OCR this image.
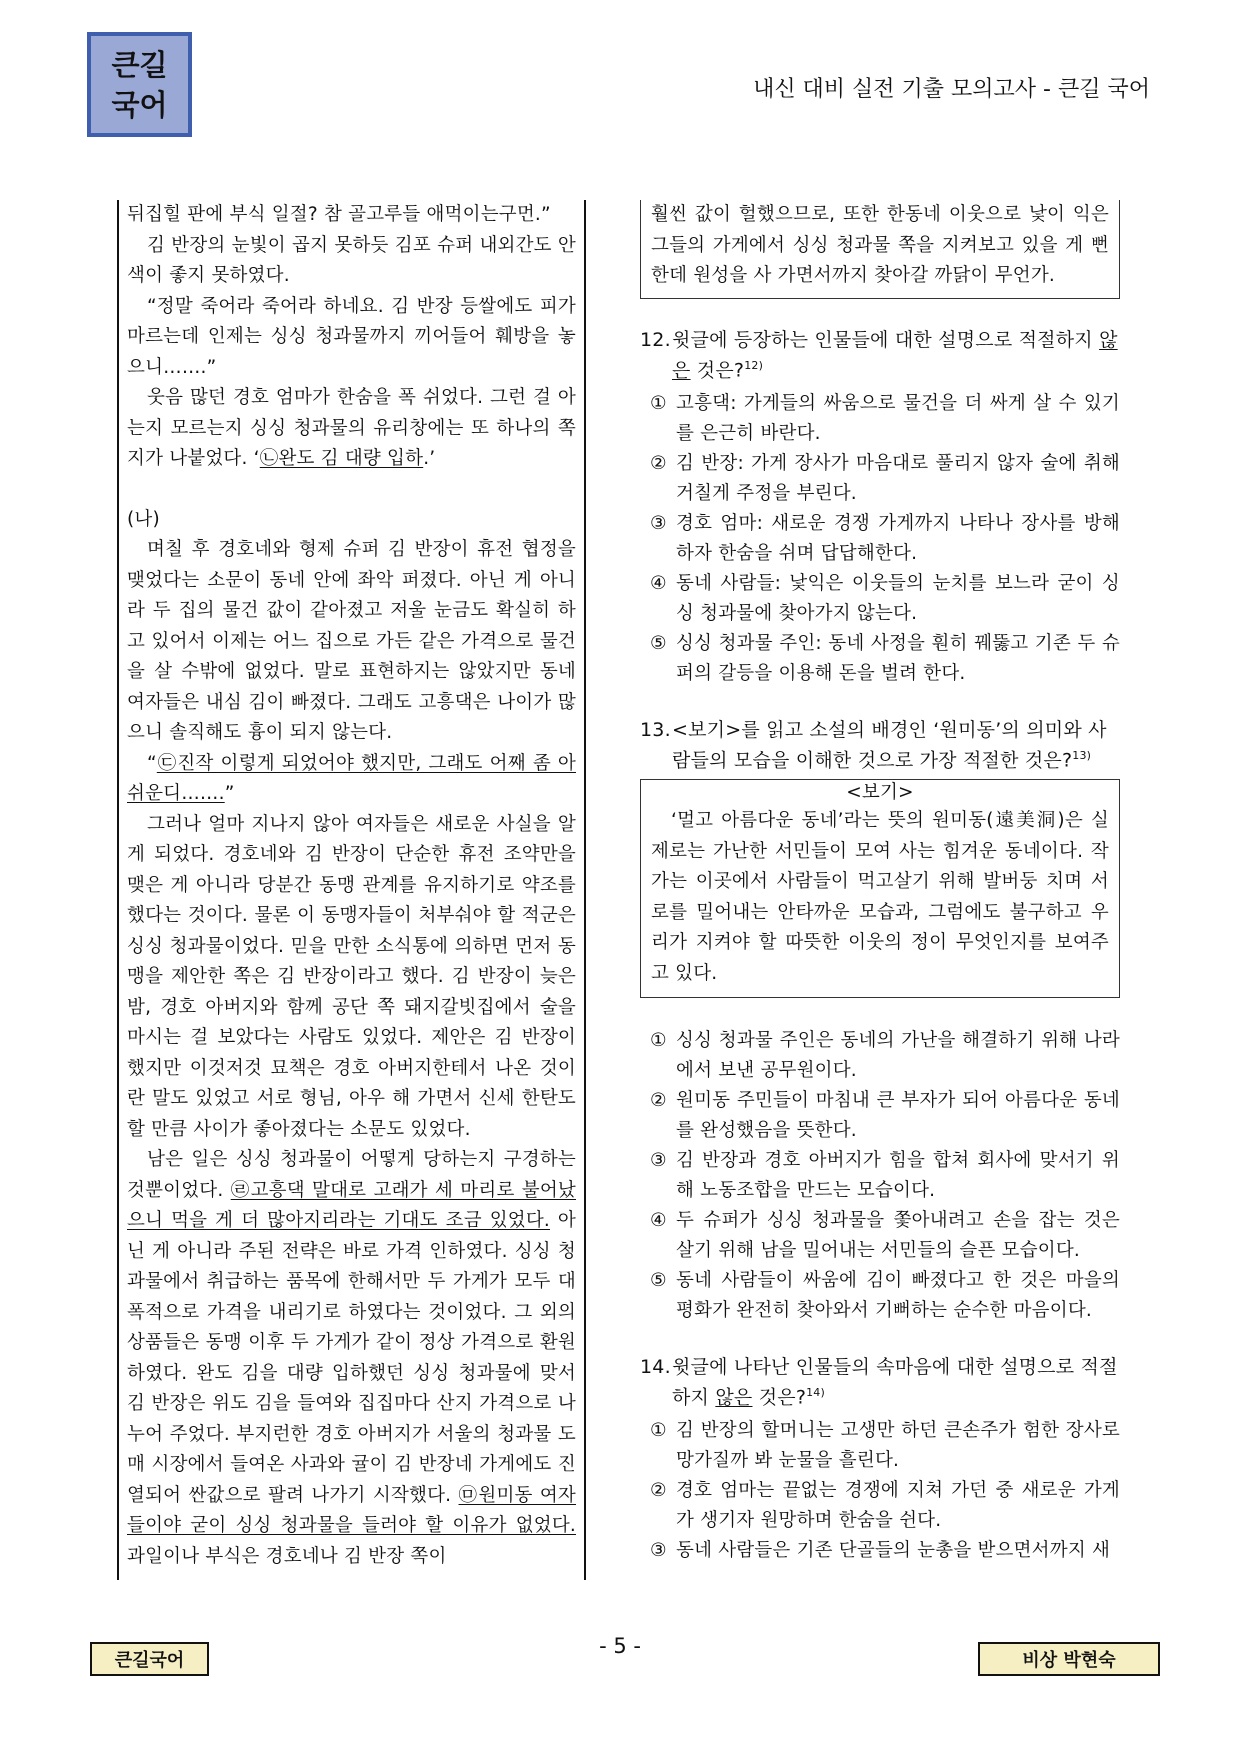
큰길
국어	내신 대비 실전 기출 모의고사 - 큰길 국어

뒤집힐 판에 부식 일절? 참 골고루들 애먹이는구먼.”

김 반장의 눈빛이 곱지 못하듯 김포 슈퍼 내외간도 안색이 좋지 못하였다.

“정말 죽어라 죽어라 하네요. 김 반장 등쌀에도 피가 마르는데 인제는 싱싱 청과물까지 끼어들어 훼방을 놓으니…….”

웃음 많던 경호 엄마가 한숨을 폭 쉬었다. 그런 걸 아는지 모르는지 싱싱 청과물의 유리창에는 또 하나의 쪽지가 나붙었다. ‘㉡완도 김 대량 입하.’

(나)

며칠 후 경호네와 형제 슈퍼 김 반장이 휴전 협정을 맺었다는 소문이 동네 안에 좌악 퍼졌다. 아닌 게 아니라 두 집의 물건 값이 같아졌고 저울 눈금도 확실히 하고 있어서 이제는 어느 집으로 가든 같은 가격으로 물건을 살 수밖에 없었다. 말로 표현하지는 않았지만 동네 여자들은 내심 김이 빠졌다. 그래도 고흥댁은 나이가 많으니 솔직해도 흉이 되지 않는다.

“㉢진작 이렇게 되었어야 했지만, 그래도 어째 좀 아쉬운디…….”

그러나 얼마 지나지 않아 여자들은 새로운 사실을 알게 되었다. 경호네와 김 반장이 단순한 휴전 조약만을 맺은 게 아니라 당분간 동맹 관계를 유지하기로 약조를 했다는 것이다. 물론 이 동맹자들이 처부숴야 할 적군은 싱싱 청과물이었다. 믿을 만한 소식통에 의하면 먼저 동맹을 제안한 쪽은 김 반장이라고 했다. 김 반장이 늦은 밤, 경호 아버지와 함께 공단 쪽 돼지갈빗집에서 술을 마시는 걸 보았다는 사람도 있었다. 제안은 김 반장이 했지만 이것저것 묘책은 경호 아버지한테서 나온 것이란 말도 있었고 서로 형님, 아우 해 가면서 신세 한탄도 할 만큼 사이가 좋아졌다는 소문도 있었다.

남은 일은 싱싱 청과물이 어떻게 당하는지 구경하는 것뿐이었다. ㉣고흥댁 말대로 고래가 세 마리로 불어났으니 먹을 게 더 많아지리라는 기대도 조금 있었다. 아닌 게 아니라 주된 전략은 바로 가격 인하였다. 싱싱 청과물에서 취급하는 품목에 한해서만 두 가게가 모두 대폭적으로 가격을 내리기로 하였다는 것이었다. 그 외의 상품들은 동맹 이후 두 가게가 같이 정상 가격으로 환원하였다. 완도 김을 대량 입하했던 싱싱 청과물에 맞서 김 반장은 위도 김을 들여와 집집마다 산지 가격으로 나누어 주었다. 부지런한 경호 아버지가 서울의 청과물 도매 시장에서 들여온 사과와 귤이 김 반장네 가게에도 진열되어 싼값으로 팔려 나가기 시작했다. ㉤원미동 여자들이야 굳이 싱싱 청과물을 들러야 할 이유가 없었다. 과일이나 부식은 경호네나 김 반장 쪽이

훨씬 값이 헐했으므로, 또한 한동네 이웃으로 낯이 익은 그들의 가게에서 싱싱 청과물 쪽을 지켜보고 있을 게 뻔한데 원성을 사 가면서까지 찾아갈 까닭이 무언가.

12. 윗글에 등장하는 인물들에 대한 설명으로 적절하지 않은 것은?$^{12)}$
① 고흥댁: 가게들의 싸움으로 물건을 더 싸게 살 수 있기를 은근히 바란다.
② 김 반장: 가게 장사가 마음대로 풀리지 않자 술에 취해 거칠게 주정을 부린다.
③ 경호 엄마: 새로운 경쟁 가게까지 나타나 장사를 방해하자 한숨을 쉬며 답답해한다.
④ 동네 사람들: 낯익은 이웃들의 눈치를 보느라 굳이 싱싱 청과물에 찾아가지 않는다.
⑤ 싱싱 청과물 주인: 동네 사정을 훤히 꿰뚫고 기존 두 슈퍼의 갈등을 이용해 돈을 벌려 한다.
13. <보기>를 읽고 소설의 배경인 ‘원미동’의 의미와 사람들의 모습을 이해한 것으로 가장 적절한 것은?$^{13)}$
<보기>

‘멀고 아름다운 동네’라는 뜻의 원미동(遠美洞)은 실제로는 가난한 서민들이 모여 사는 힘겨운 동네이다. 작가는 이곳에서 사람들이 먹고살기 위해 발버둥 치며 서로를 밀어내는 안타까운 모습과, 그럼에도 불구하고 우리가 지켜야 할 따뜻한 이웃의 정이 무엇인지를 보여주고 있다.

① 싱싱 청과물 주인은 동네의 가난을 해결하기 위해 나라에서 보낸 공무원이다.
② 원미동 주민들이 마침내 큰 부자가 되어 아름다운 동네를 완성했음을 뜻한다.
③ 김 반장과 경호 아버지가 힘을 합쳐 회사에 맞서기 위해 노동조합을 만드는 모습이다.
④ 두 슈퍼가 싱싱 청과물을 쫓아내려고 손을 잡는 것은 살기 위해 남을 밀어내는 서민들의 슬픈 모습이다.
⑤ 동네 사람들이 싸움에 김이 빠졌다고 한 것은 마을의 평화가 완전히 찾아와서 기뻐하는 순수한 마음이다.
14. 윗글에 나타난 인물들의 속마음에 대한 설명으로 적절하지 않은 것은?$^{14)}$
① 김 반장의 할머니는 고생만 하던 큰손주가 험한 장사로 망가질까 봐 눈물을 흘린다.
② 경호 엄마는 끝없는 경쟁에 지쳐 가던 중 새로운 가게가 생기자 원망하며 한숨을 쉰다.
③ 동네 사람들은 기존 단골들의 눈총을 받으면서까지 새
큰길국어
- 5 -
비상 박현숙
